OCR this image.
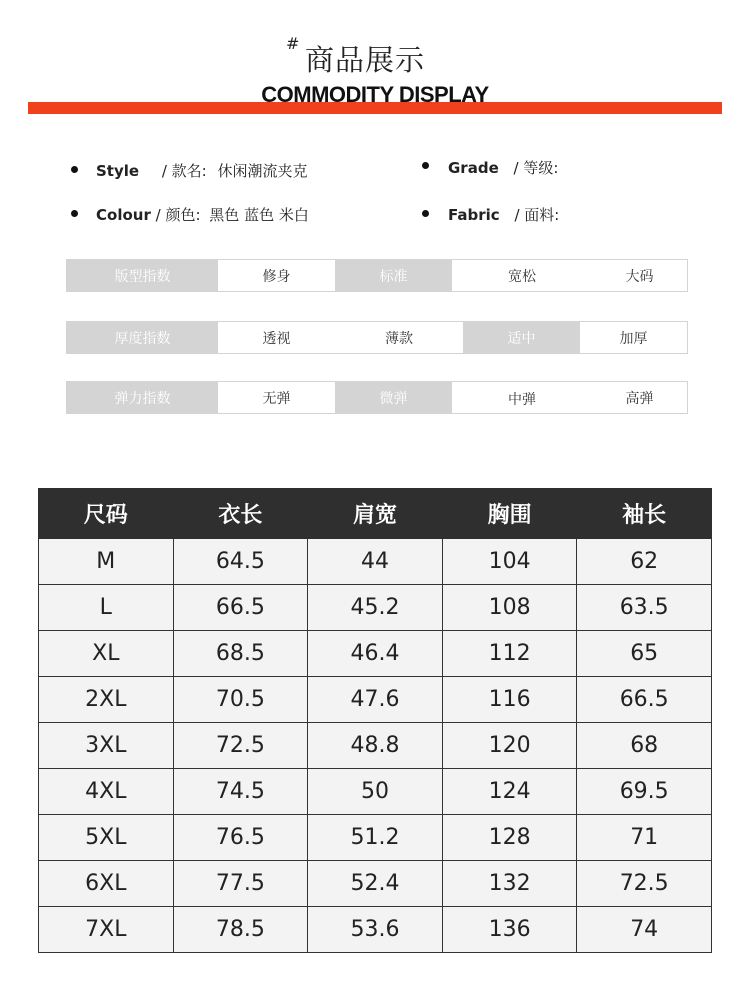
# 商品展示
COMMODITY DISPLAY
Style / 款名: 休闲潮流夹克	Grade / 等级:
Colour / 颜色: 黑色 蓝色 米白	Fabric / 面料:
版型指数	修身	标准	宽松	大码
厚度指数	透视	薄款	适中	加厚
弹力指数	无弹	微弹	中弹	高弹
尺码	衣长	肩宽	胸围	袖长
M	64.5	44	104	62
L	66.5	45.2	108	63.5
XL	68.5	46.4	112	65
2XL	70.5	47.6	116	66.5
3XL	72.5	48.8	120	68
4XL	74.5	50	124	69.5
5XL	76.5	51.2	128	71
6XL	77.5	52.4	132	72.5
7XL	78.5	53.6	136	74
